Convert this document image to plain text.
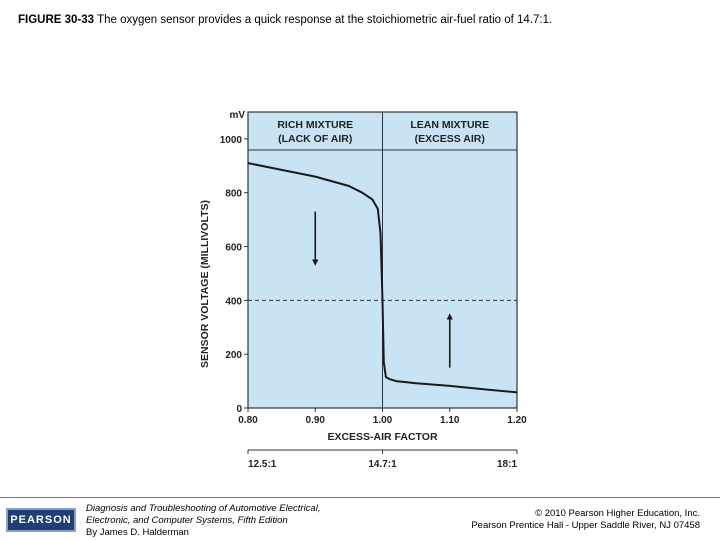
FIGURE 30-33 The oxygen sensor provides a quick response at the stoichiometric air-fuel ratio of 14.7:1.
RICH MIXTURE
(LACK OF AIR)
LEAN MIXTURE
(EXCESS AIR)
0
200
400
600
800
1000
mV
SENSOR VOLTAGE (MILLIVOLTS)
0.80	0.90	1.00	1.10	1.20
EXCESS-AIR FACTOR
12.5:1	14.7:1	18:1
PEARSON
Diagnosis and Troubleshooting of Automotive Electrical,
Electronic, and Computer Systems, Fifth Edition
By James D. Halderman
© 2010 Pearson Higher Education, Inc.
Pearson Prentice Hall - Upper Saddle River, NJ 07458
